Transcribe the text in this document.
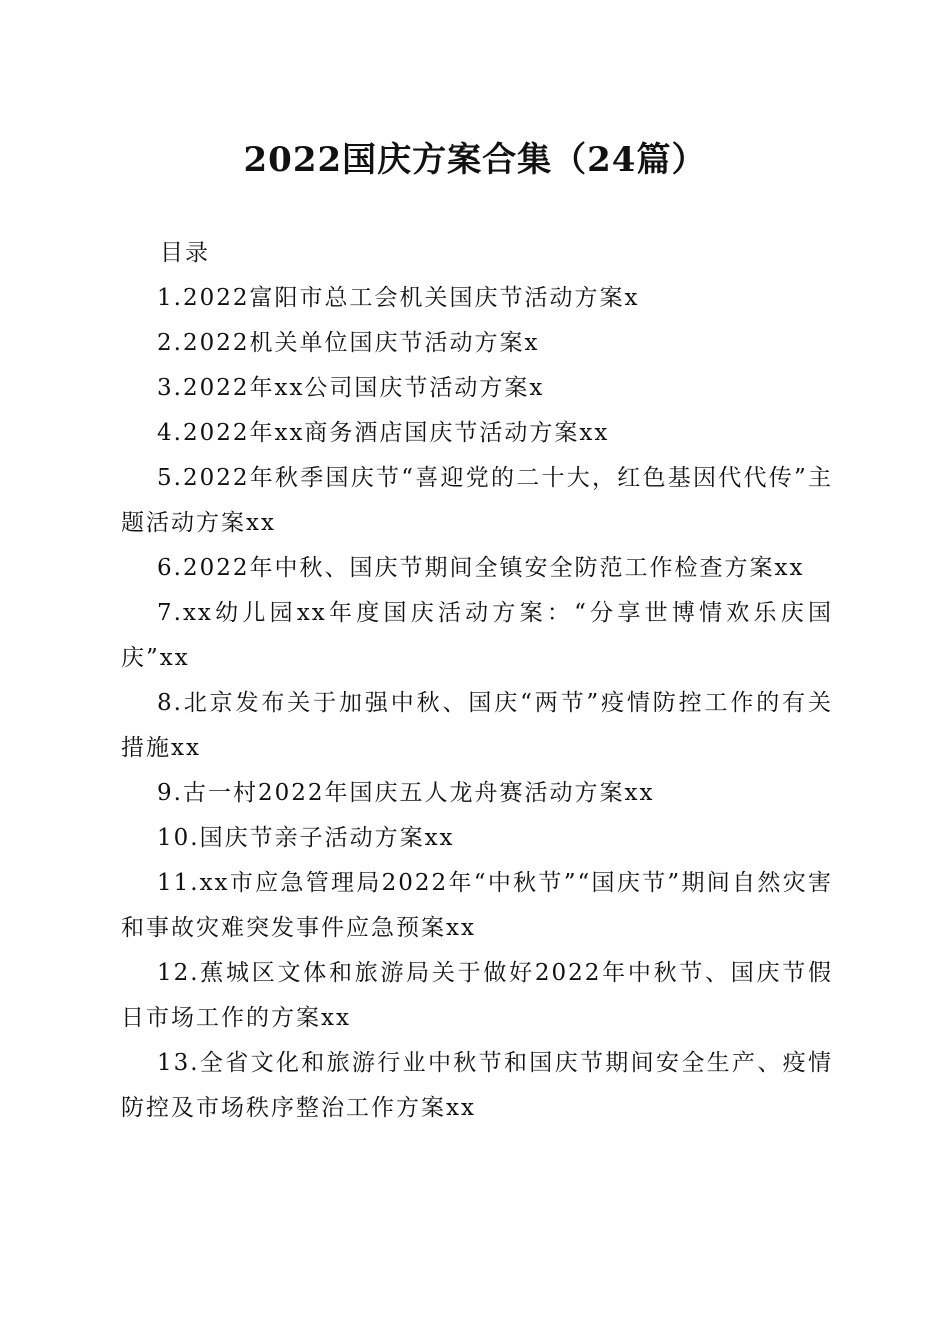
2022国庆方案合集（24篇）
目录
1.2022富阳市总工会机关国庆节活动方案x
2.2022机关单位国庆节活动方案x
3.2022年xx公司国庆节活动方案x
4.2022年xx商务酒店国庆节活动方案xx
5.2022年秋季国庆节“喜迎党的二十大，红色基因代代传”主题活动方案xx
6.2022年中秋、国庆节期间全镇安全防范工作检查方案xx
7.xx幼儿园xx年度国庆活动方案：“分享世博情欢乐庆国庆”xx
8.北京发布关于加强中秋、国庆“两节”疫情防控工作的有关措施xx
9.古一村2022年国庆五人龙舟赛活动方案xx
10.国庆节亲子活动方案xx
11.xx市应急管理局2022年“中秋节”“国庆节”期间自然灾害和事故灾难突发事件应急预案xx
12.蕉城区文体和旅游局关于做好2022年中秋节、国庆节假日市场工作的方案xx
13.全省文化和旅游行业中秋节和国庆节期间安全生产、疫情防控及市场秩序整治工作方案xx
